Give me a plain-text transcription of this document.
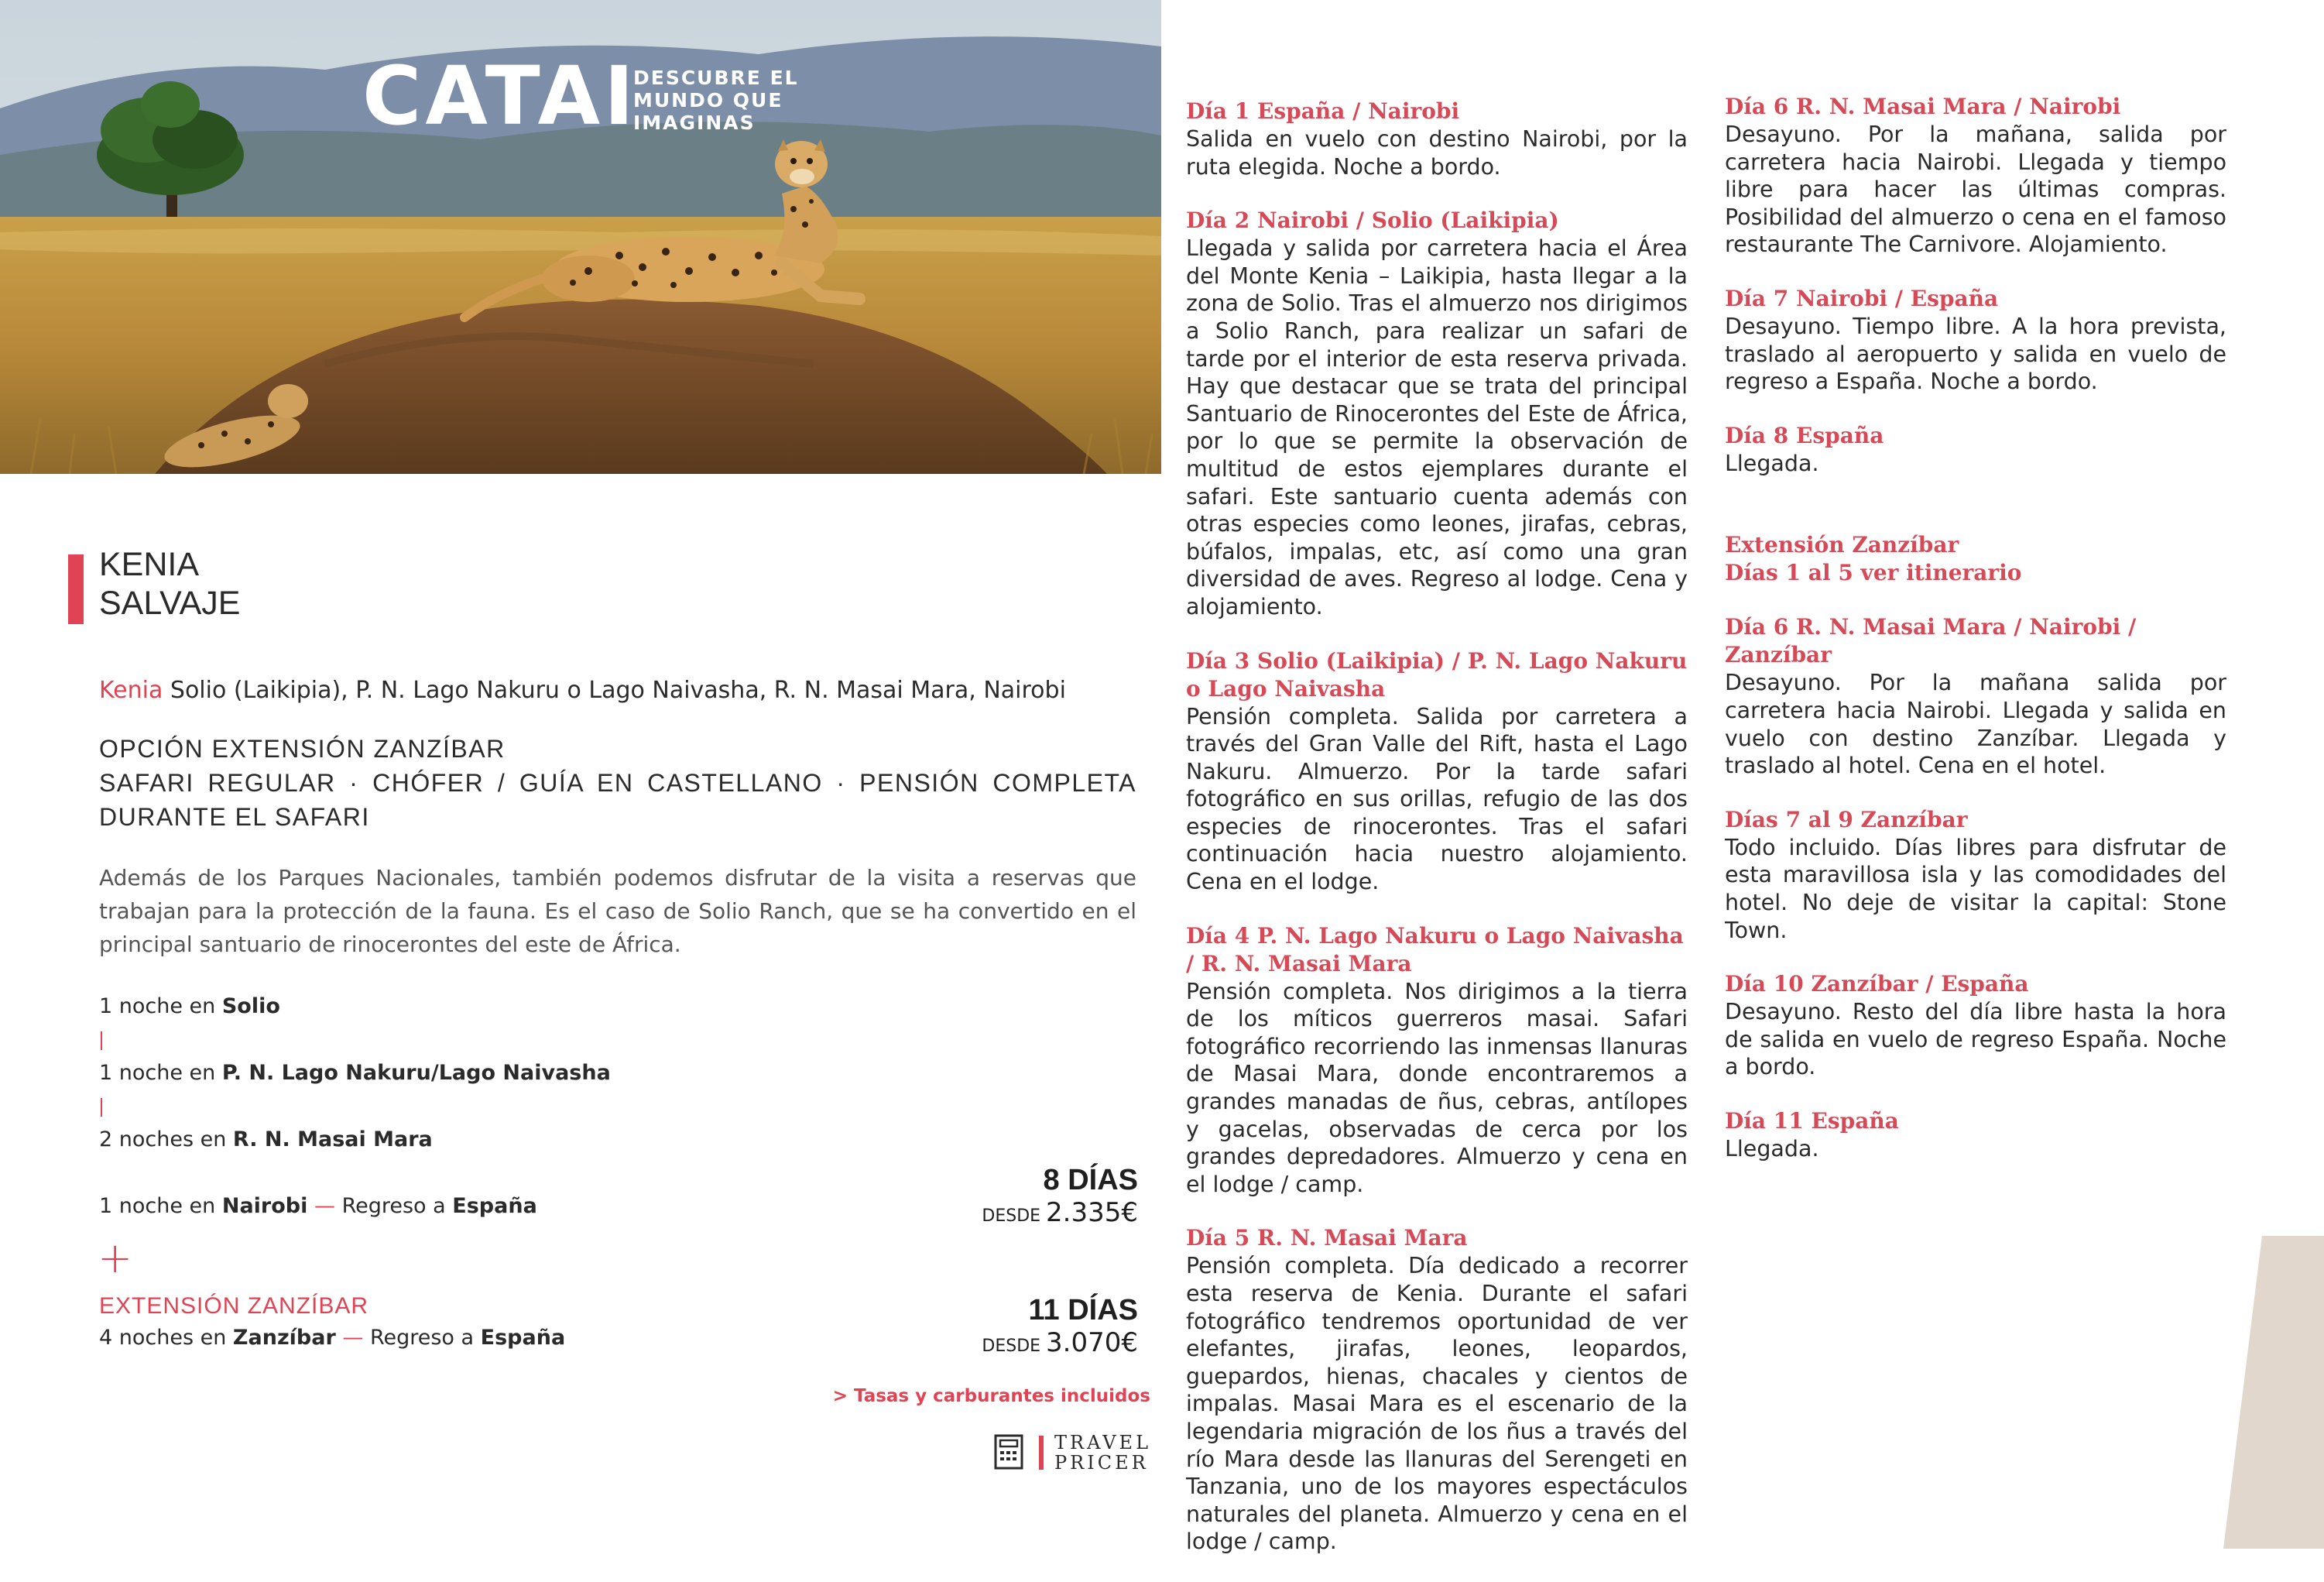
CATAI
DESCUBRE EL
MUNDO QUE
IMAGINAS
KENIA
SALVAJE
Kenia Solio (Laikipia), P. N. Lago Nakuru o Lago Naivasha, R. N. Masai Mara, Nairobi
OPCIÓN EXTENSIÓN ZANZÍBAR
SAFARI REGULAR · CHÓFER / GUÍA EN CASTELLANO · PENSIÓN COMPLETA
DURANTE EL SAFARI
Además de los Parques Nacionales, también podemos disfrutar de la visita a reservas que trabajan para la protección de la fauna. Es el caso de Solio Ranch, que se ha convertido en el principal santuario de rinocerontes del este de África.
1 noche en Solio
1 noche en P. N. Lago Nakuru/Lago Naivasha
2 noches en R. N. Masai Mara
1 noche en Nairobi — Regreso a España
+
EXTENSIÓN ZANZÍBAR
4 noches en Zanzíbar — Regreso a España
8 DÍAS
DESDE 2.335€
11 DÍAS
DESDE 3.070€
> Tasas y carburantes incluidos
TRAVEL
PRICER
Día 1 España / Nairobi
Salida en vuelo con destino Nairobi, por la ruta elegida. Noche a bordo.
Día 2 Nairobi / Solio (Laikipia)
Llegada y salida por carretera hacia el Área del Monte Kenia – Laikipia, hasta llegar a la zona de Solio. Tras el almuerzo nos dirigimos a Solio Ranch, para realizar un safari de tarde por el interior de esta reserva privada. Hay que destacar que se trata del principal Santuario de Rinocerontes del Este de África, por lo que se permite la observación de multitud de estos ejemplares durante el safari. Este santuario cuenta además con otras especies como leones, jirafas, cebras, búfalos, impalas, etc, así como una gran diversidad de aves. Regreso al lodge. Cena y alojamiento.
Día 3 Solio (Laikipia) / P. N. Lago Nakuru o Lago Naivasha
Pensión completa. Salida por carretera a través del Gran Valle del Rift, hasta el Lago Nakuru. Almuerzo. Por la tarde safari fotográfico en sus orillas, refugio de las dos especies de rinocerontes. Tras el safari continuación hacia nuestro alojamiento. Cena en el lodge.
Día 4 P. N. Lago Nakuru o Lago Naivasha / R. N. Masai Mara
Pensión completa. Nos dirigimos a la tierra de los míticos guerreros masai. Safari fotográfico recorriendo las inmensas llanuras de Masai Mara, donde encontraremos a grandes manadas de ñus, cebras, antílopes y gacelas, observadas de cerca por los grandes depredadores. Almuerzo y cena en el lodge / camp.
Día 5 R. N. Masai Mara
Pensión completa. Día dedicado a recorrer esta reserva de Kenia. Durante el safari fotográfico tendremos oportunidad de ver elefantes, jirafas, leones, leopardos, guepardos, hienas, chacales y cientos de impalas. Masai Mara es el escenario de la legendaria migración de los ñus a través del río Mara desde las llanuras del Serengeti en Tanzania, uno de los mayores espectáculos naturales del planeta. Almuerzo y cena en el lodge / camp.
Día 6 R. N. Masai Mara / Nairobi
Desayuno. Por la mañana, salida por carretera hacia Nairobi. Llegada y tiempo libre para hacer las últimas compras. Posibilidad del almuerzo o cena en el famoso restaurante The Carnivore. Alojamiento.
Día 7 Nairobi / España
Desayuno. Tiempo libre. A la hora prevista, traslado al aeropuerto y salida en vuelo de regreso a España. Noche a bordo.
Día 8 España
Llegada.
Extensión Zanzíbar
Días 1 al 5 ver itinerario
Día 6 R. N. Masai Mara / Nairobi / Zanzíbar
Desayuno. Por la mañana salida por carretera hacia Nairobi. Llegada y salida en vuelo con destino Zanzíbar. Llegada y traslado al hotel. Cena en el hotel.
Días 7 al 9 Zanzíbar
Todo incluido. Días libres para disfrutar de esta maravillosa isla y las comodidades del hotel. No deje de visitar la capital: Stone Town.
Día 10 Zanzíbar / España
Desayuno. Resto del día libre hasta la hora de salida en vuelo de regreso España. Noche a bordo.
Día 11 España
Llegada.
